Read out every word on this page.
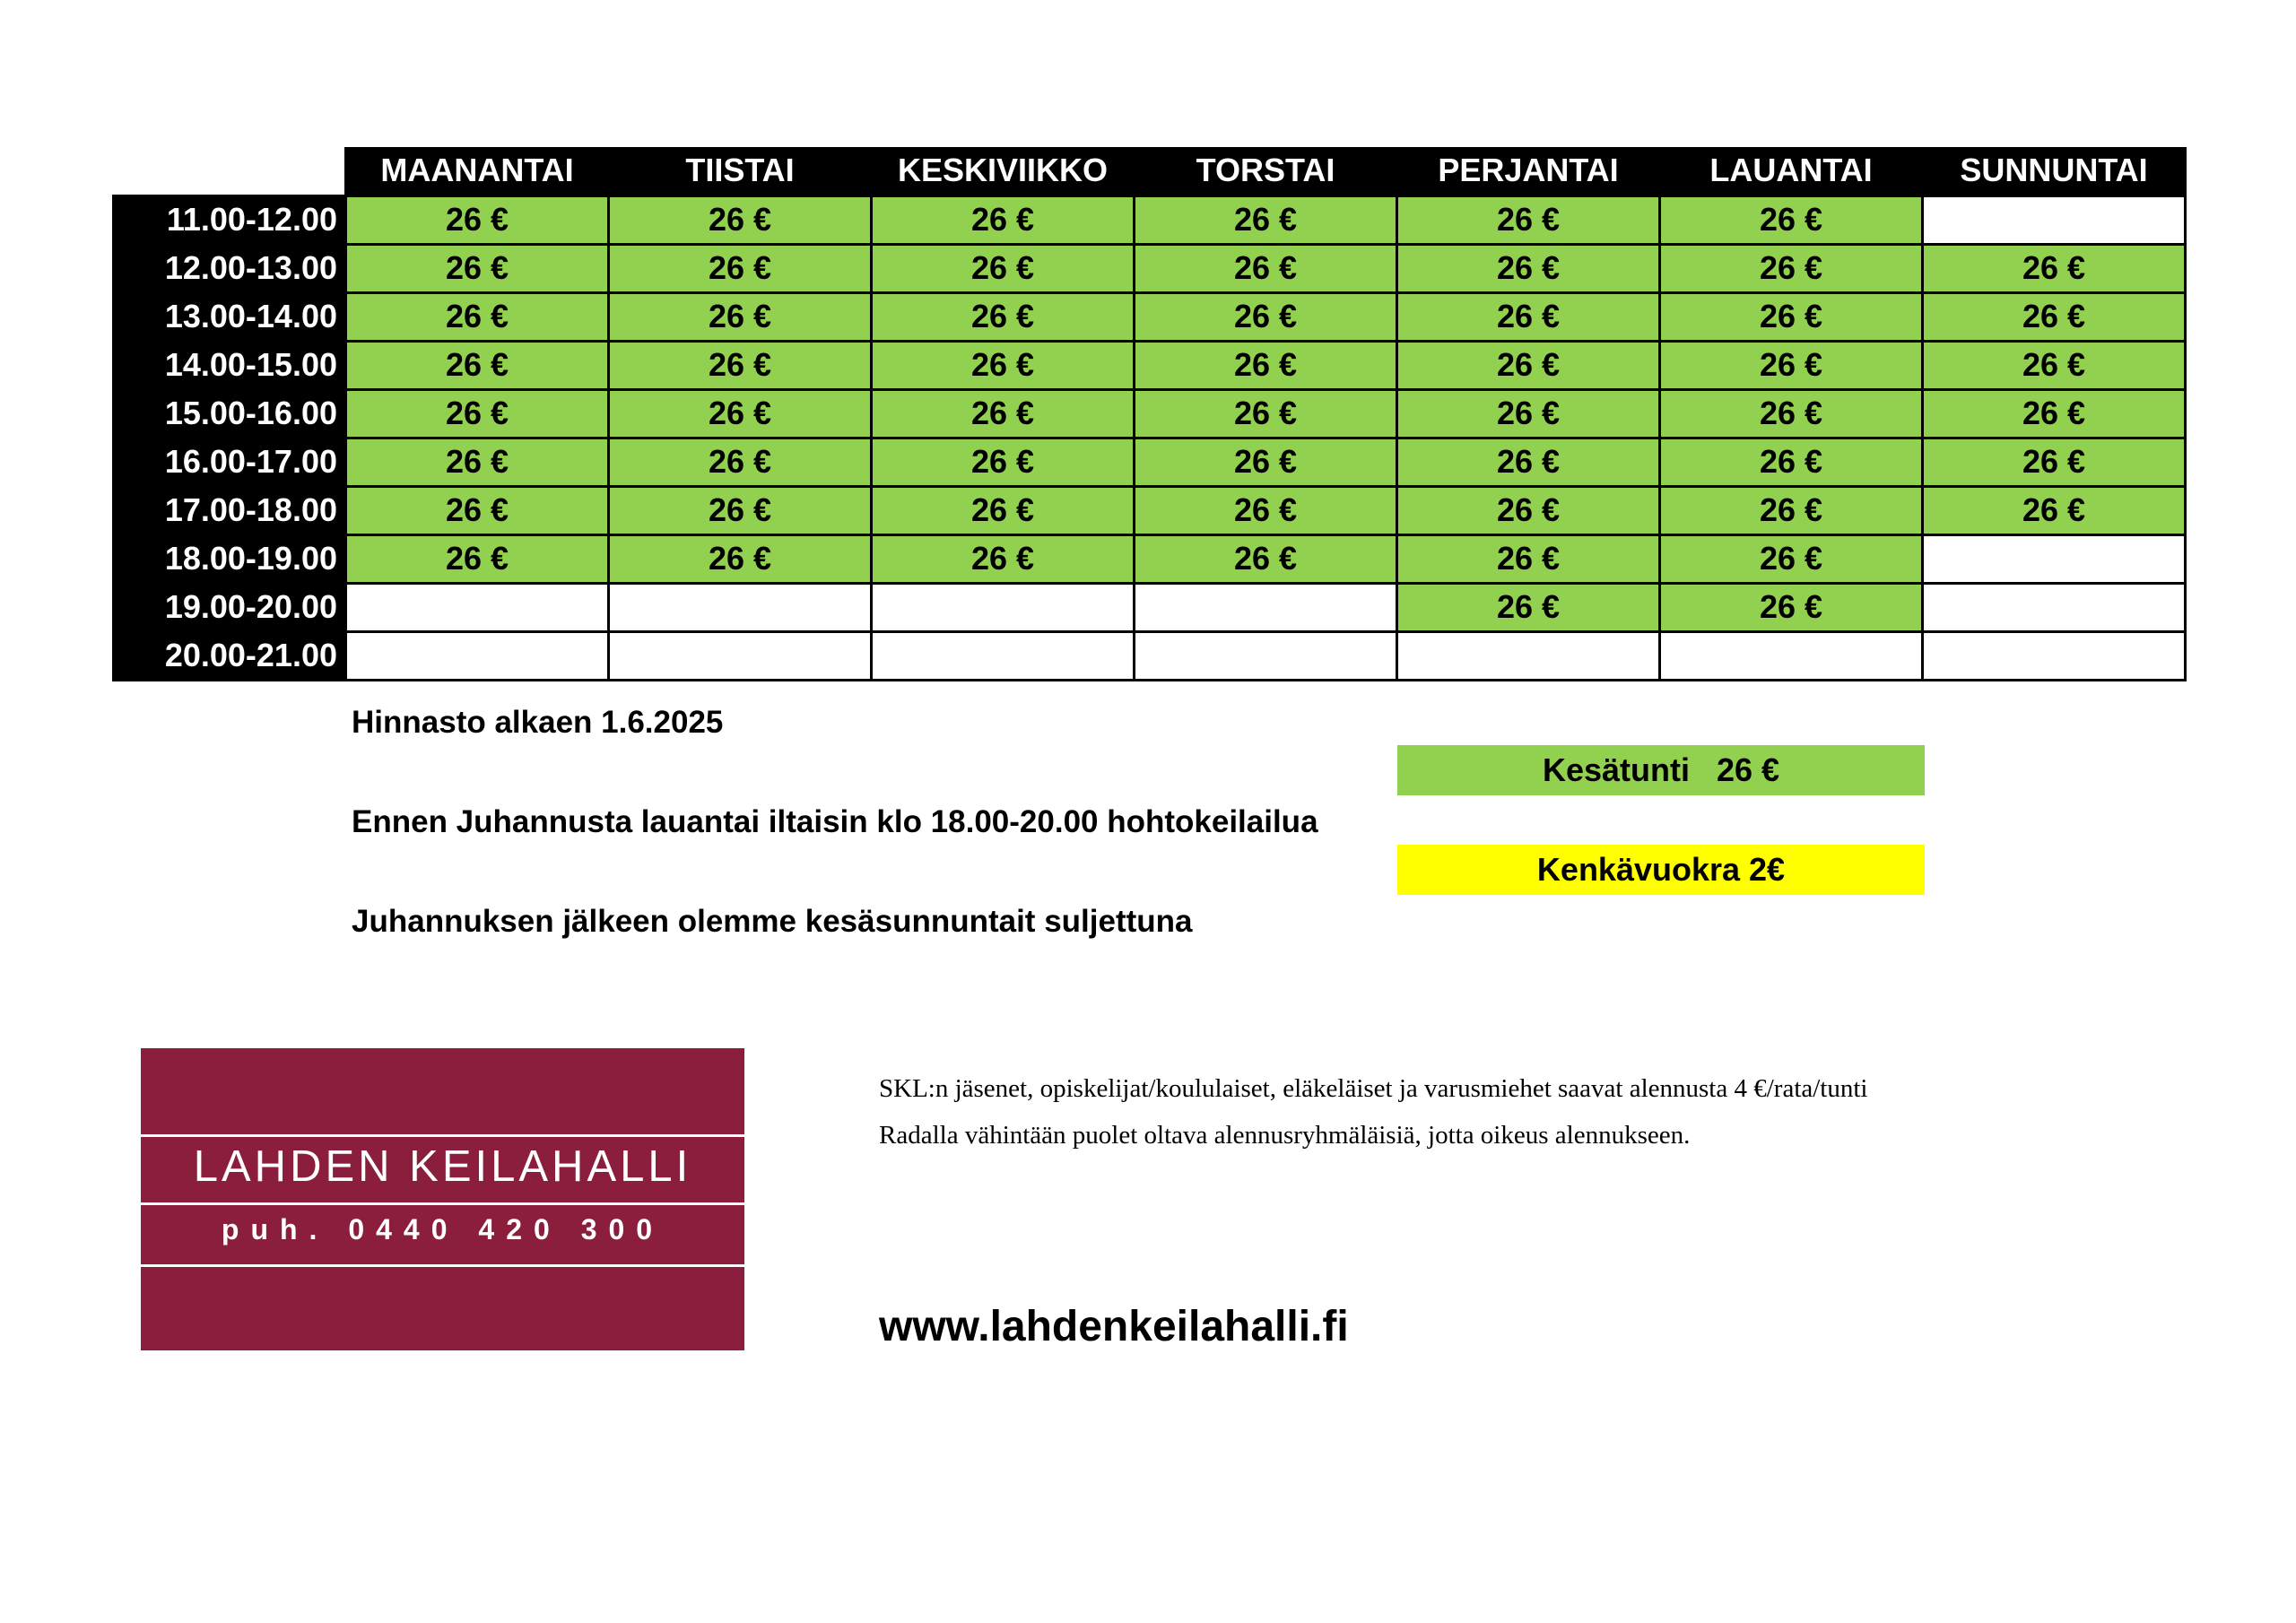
	MAANANTAI	TIISTAI	KESKIVIIKKO	TORSTAI	PERJANTAI	LAUANTAI	SUNNUNTAI
11.00-12.00	26 €	26 €	26 €	26 €	26 €	26 €	
12.00-13.00	26 €	26 €	26 €	26 €	26 €	26 €	26 €
13.00-14.00	26 €	26 €	26 €	26 €	26 €	26 €	26 €
14.00-15.00	26 €	26 €	26 €	26 €	26 €	26 €	26 €
15.00-16.00	26 €	26 €	26 €	26 €	26 €	26 €	26 €
16.00-17.00	26 €	26 €	26 €	26 €	26 €	26 €	26 €
17.00-18.00	26 €	26 €	26 €	26 €	26 €	26 €	26 €
18.00-19.00	26 €	26 €	26 €	26 €	26 €	26 €	
19.00-20.00					26 €	26 €	
20.00-21.00							
Hinnasto alkaen 1.6.2025
Ennen Juhannusta lauantai iltaisin klo 18.00-20.00 hohtokeilailua
Juhannuksen jälkeen olemme kesäsunnuntait suljettuna
Kesätunti   26 €
Kenkävuokra 2€
LAHDEN KEILAHALLI
puh. 0440 420 300
SKL:n jäsenet, opiskelijat/koululaiset, eläkeläiset ja varusmiehet saavat alennusta 4 €/rata/tunti
Radalla vähintään puolet oltava alennusryhmäläisiä, jotta oikeus alennukseen.
www.lahdenkeilahalli.fi
